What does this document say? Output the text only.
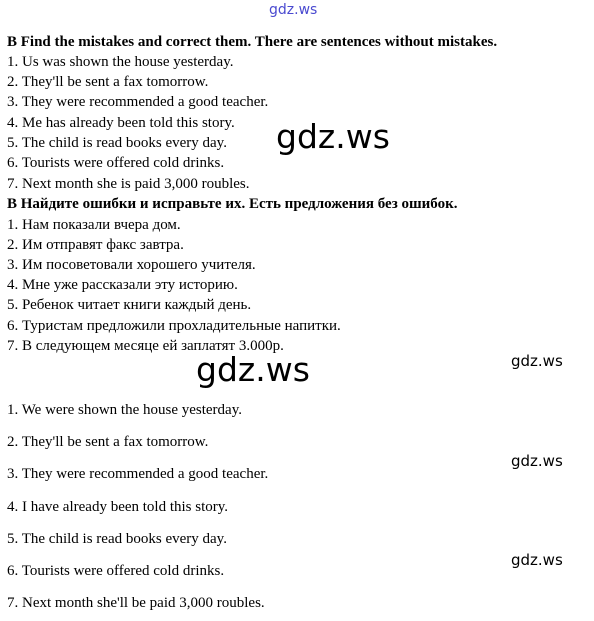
gdz.ws
B Find the mistakes and correct them. There are sentences without mistakes.
1. Us was shown the house yesterday.
2. They'll be sent a fax tomorrow.
3. They were recommended a good teacher.
4. Me has already been told this story.
5. The child is read books every day.
6. Tourists were offered cold drinks.
7. Next month she is paid 3,000 roubles.
В Найдите ошибки и исправьте их. Есть предложения без ошибок.
1. Нам показали вчера дом.
2. Им отправят факс завтра.
3. Им посоветовали хорошего учителя.
4. Мне уже рассказали эту историю.
5. Ребенок читает книги каждый день.
6. Туристам предложили прохладительные напитки.
7. В следующем месяце ей заплатят 3.000р.
1. We were shown the house yesterday.
2. They'll be sent a fax tomorrow.
3. They were recommended a good teacher.
4. I have already been told this story.
5. The child is read books every day.
6. Tourists were offered cold drinks.
7. Next month she'll be paid 3,000 roubles.
gdz.ws
gdz.ws	gdz.ws
gdz.ws
gdz.ws
